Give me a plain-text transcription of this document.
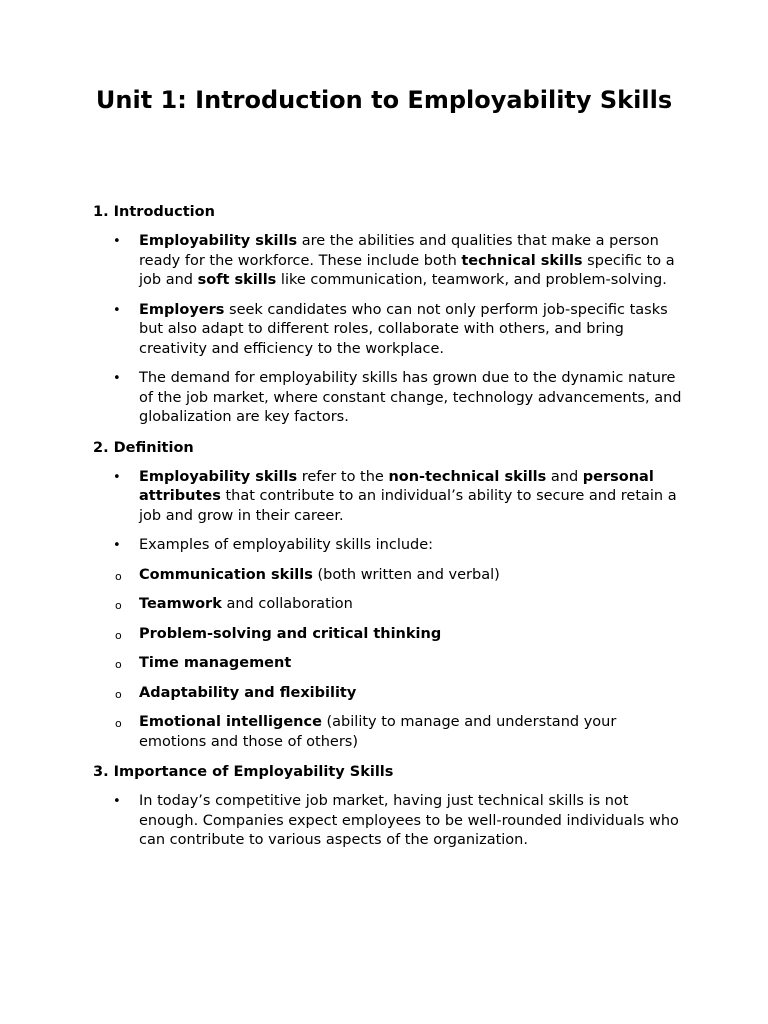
Unit 1: Introduction to Employability Skills
1. Introduction
• Employability skills are the abilities and qualities that make a person ready for the workforce. These include both technical skills specific to a job and soft skills like communication, teamwork, and problem-solving.
• Employers seek candidates who can not only perform job-specific tasks but also adapt to different roles, collaborate with others, and bring creativity and efficiency to the workplace.
• The demand for employability skills has grown due to the dynamic nature of the job market, where constant change, technology advancements, and globalization are key factors.
2. Definition
• Employability skills refer to the non-technical skills and personal attributes that contribute to an individual’s ability to secure and retain a job and grow in their career.
• Examples of employability skills include:
o Communication skills (both written and verbal)
o Teamwork and collaboration
o Problem-solving and critical thinking
o Time management
o Adaptability and flexibility
o Emotional intelligence (ability to manage and understand your emotions and those of others)
3. Importance of Employability Skills
• In today’s competitive job market, having just technical skills is not enough. Companies expect employees to be well-rounded individuals who can contribute to various aspects of the organization.
